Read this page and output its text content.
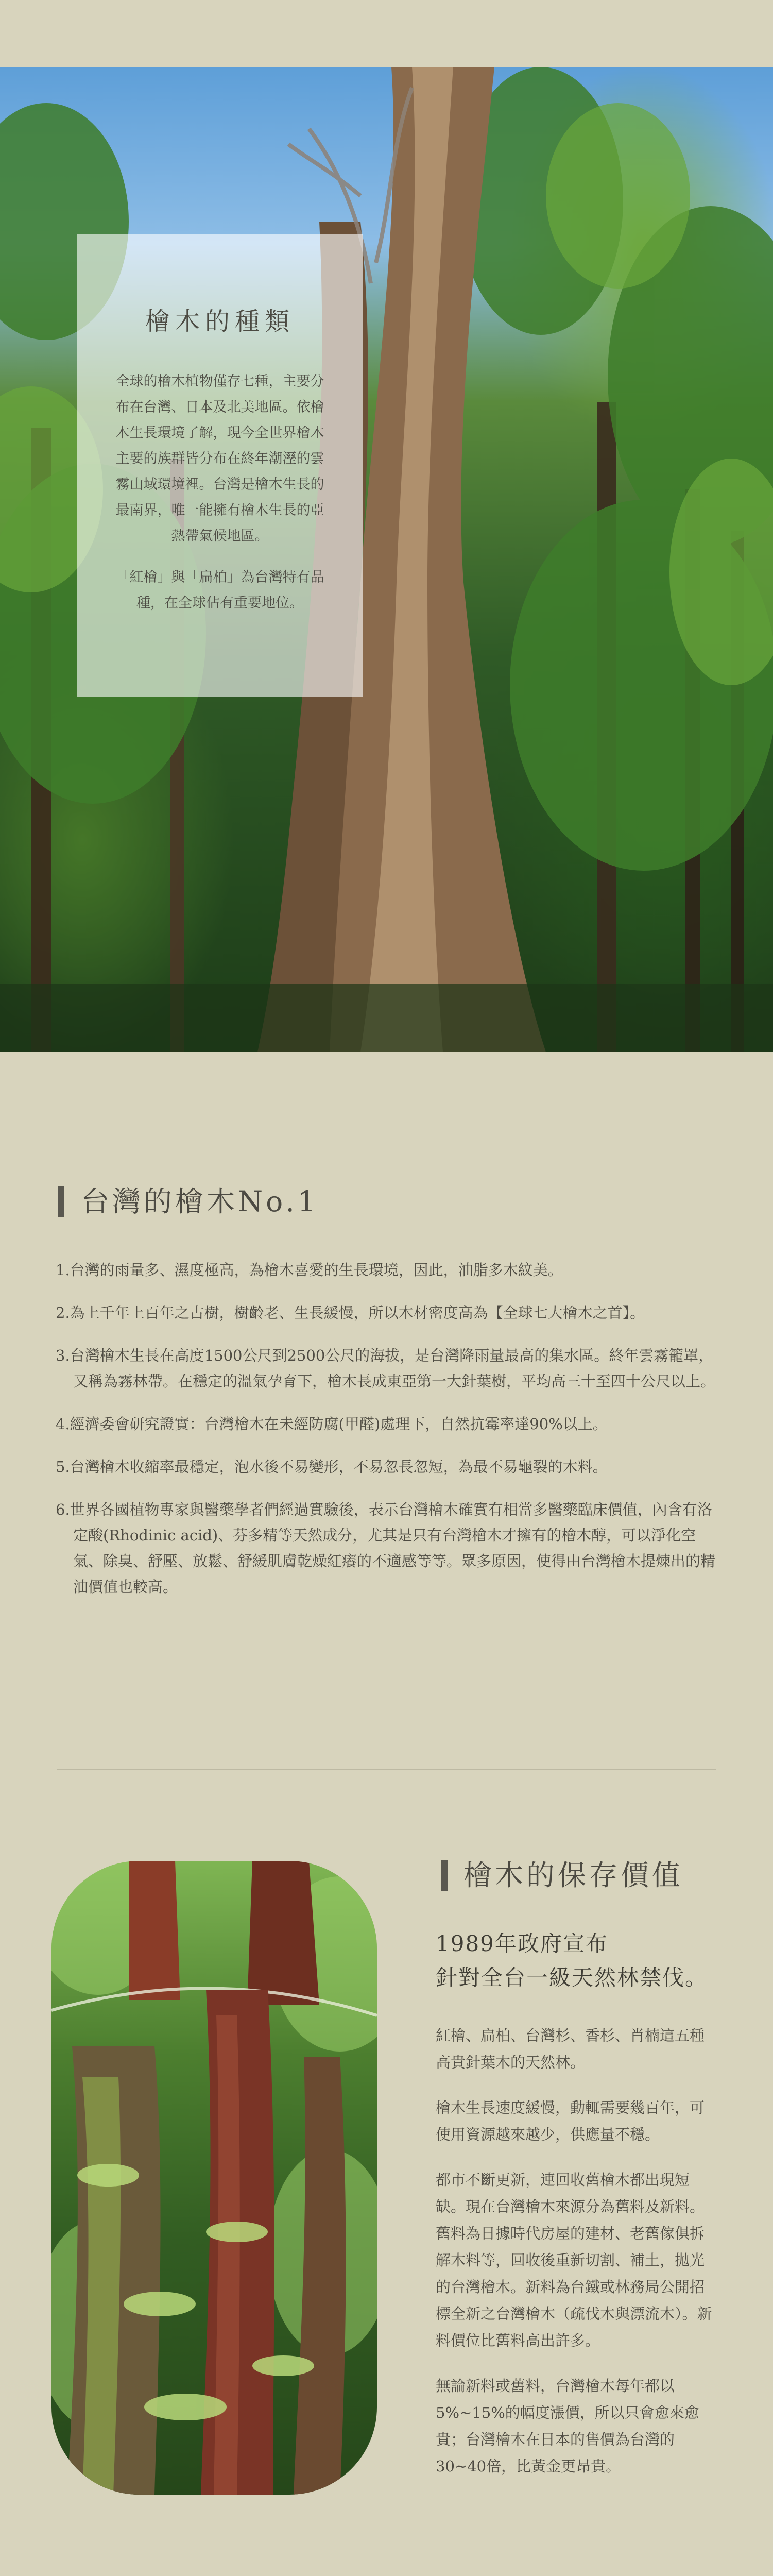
檜木的種類

全球的檜木植物僅存七種，主要分布在台灣、日本及北美地區。依檜木生長環境了解，現今全世界檜木主要的族群皆分布在終年潮溼的雲霧山域環境裡。台灣是檜木生長的最南界，唯一能擁有檜木生長的亞熱帶氣候地區。

「紅檜」與「扁柏」為台灣特有品種，在全球佔有重要地位。

台灣的檜木No.1
1.台灣的雨量多、濕度極高，為檜木喜愛的生長環境，因此，油脂多木紋美。
2.為上千年上百年之古樹，樹齡老、生長緩慢，所以木材密度高為【全球七大檜木之首】。
3.台灣檜木生長在高度1500公尺到2500公尺的海拔，是台灣降雨量最高的集水區。終年雲霧籠罩，又稱為霧林帶。在穩定的溫氣孕育下，檜木長成東亞第一大針葉樹，平均高三十至四十公尺以上。
4.經濟委會研究證實：台灣檜木在未經防腐(甲醛)處理下，自然抗霉率達90%以上。
5.台灣檜木收縮率最穩定，泡水後不易變形，不易忽長忽短，為最不易龜裂的木料。
6.世界各國植物專家與醫藥學者們經過實驗後，表示台灣檜木確實有相當多醫藥臨床價值，內含有洛定酸(Rhodinic acid)、芬多精等天然成分，尤其是只有台灣檜木才擁有的檜木醇，可以淨化空氣、除臭、舒壓、放鬆、舒緩肌膚乾燥紅癢的不適感等等。眾多原因，使得由台灣檜木提煉出的精油價值也較高。
檜木的保存價值
1989年政府宣布
針對全台一級天然林禁伐。

紅檜、扁柏、台灣杉、香杉、肖楠這五種高貴針葉木的天然林。

檜木生長速度緩慢，動輒需要幾百年，可使用資源越來越少，供應量不穩。

都市不斷更新，連回收舊檜木都出現短缺。現在台灣檜木來源分為舊料及新料。舊料為日據時代房屋的建材、老舊傢俱拆解木料等，回收後重新切割、補土，拋光的台灣檜木。新料為台鐵或林務局公開招標全新之台灣檜木（疏伐木與漂流木）。新料價位比舊料高出許多。

無論新料或舊料，台灣檜木每年都以5%~15%的幅度漲價，所以只會愈來愈貴；台灣檜木在日本的售價為台灣的30~40倍，比黃金更昂貴。
